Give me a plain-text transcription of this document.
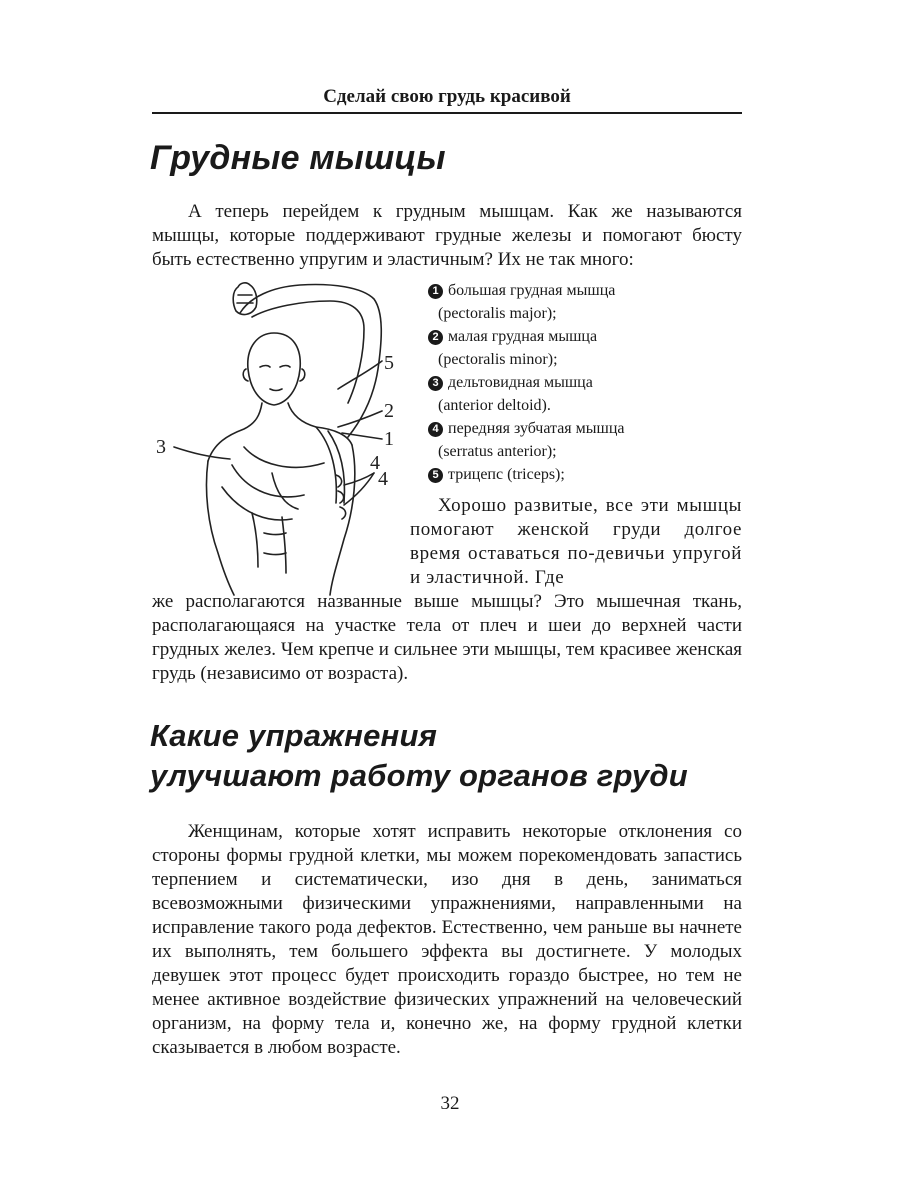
Сделай свою грудь красивой
Грудные мышцы

А теперь перейдем к грудным мышцам. Как же называются мышцы, которые поддерживают грудные железы и помогают бюсту быть естественно упругим и эластичным? Их не так много:

1
2
3
4
4
5
1 большая грудная мышца
(pectoralis major);
2 малая грудная мышца
(pectoralis minor);
3 дельтовидная мышца
(anterior deltoid).
4 передняя зубчатая мышца
(serratus anterior);
5 трицепс (triceps);

Хорошо развитые, все эти мышцы помогают женской груди долгое время оставаться по-девичьи упругой и эластичной. Где

же располагаются названные выше мышцы? Это мышечная ткань, располагающаяся на участке тела от плеч и шеи до верхней части грудных желез. Чем крепче и сильнее эти мышцы, тем красивее женская грудь (независимо от возраста).

Какие упражнения
улучшают работу органов груди

Женщинам, которые хотят исправить некоторые отклонения со стороны формы грудной клетки, мы можем порекомендовать запастись терпением и систематически, изо дня в день, заниматься всевозможными физическими упражнениями, направленными на исправление такого рода дефектов. Естественно, чем раньше вы начнете их выполнять, тем большего эффекта вы достигнете. У молодых девушек этот процесс будет происходить гораздо быстрее, но тем не менее активное воздействие физических упражнений на человеческий организм, на форму тела и, конечно же, на форму грудной клетки сказывается в любом возрасте.

32
